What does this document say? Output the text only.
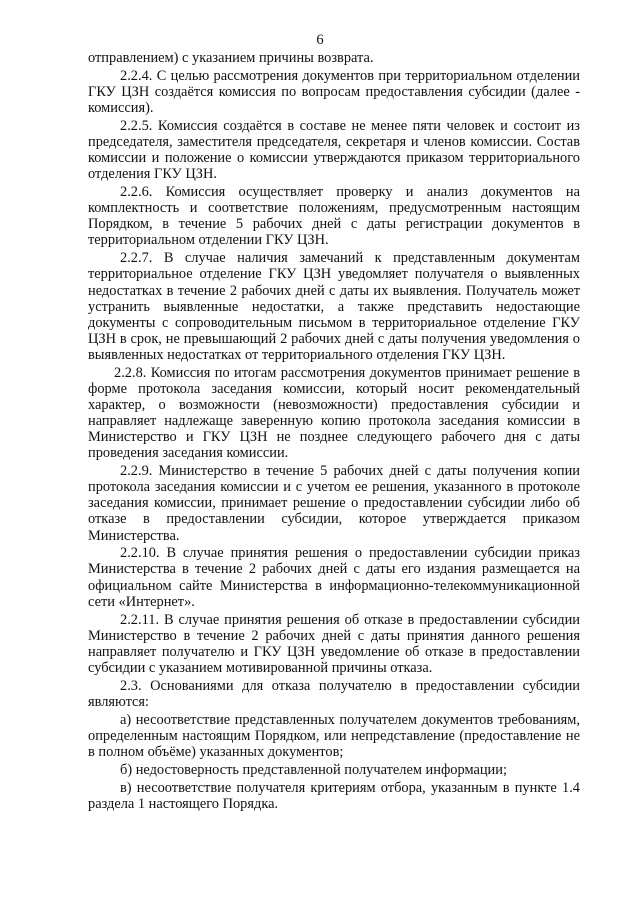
6

отправлением) с указанием причины возврата.

2.2.4. С целью рассмотрения документов при территориальном отделении ГКУ ЦЗН создаётся комиссия по вопросам предоставления субсидии (далее - комиссия).

2.2.5. Комиссия создаётся в составе не менее пяти человек и состоит из председателя, заместителя председателя, секретаря и членов комиссии. Состав комиссии и положение о комиссии утверждаются приказом территориального отделения ГКУ ЦЗН.

2.2.6. Комиссия осуществляет проверку и анализ документов на комплектность и соответствие положениям, предусмотренным настоящим Порядком, в течение 5 рабочих дней с даты регистрации документов в территориальном отделении ГКУ ЦЗН.

2.2.7. В случае наличия замечаний к представленным документам территориальное отделение ГКУ ЦЗН уведомляет получателя о выявленных недостатках в течение 2 рабочих дней с даты их выявления. Получатель может устранить выявленные недостатки, а также представить недостающие документы с сопроводительным письмом в территориальное отделение ГКУ ЦЗН в срок, не превышающий 2 рабочих дней с даты получения уведомления о выявленных недостатках от территориального отделения ГКУ ЦЗН.

2.2.8. Комиссия по итогам рассмотрения документов принимает решение в форме протокола заседания комиссии, который носит рекомендательный характер, о возможности (невозможности) предоставления субсидии и направляет надлежаще заверенную копию протокола заседания комиссии в Министерство и ГКУ ЦЗН не позднее следующего рабочего дня с даты проведения заседания комиссии.

2.2.9. Министерство в течение 5 рабочих дней с даты получения копии протокола заседания комиссии и с учетом ее решения, указанного в протоколе заседания комиссии, принимает решение о предоставлении субсидии либо об отказе в предоставлении субсидии, которое утверждается приказом Министерства.

2.2.10. В случае принятия решения о предоставлении субсидии приказ Министерства в течение 2 рабочих дней с даты его издания размещается на официальном сайте Министерства в информационно-телекоммуникационной сети «Интернет».

2.2.11. В случае принятия решения об отказе в предоставлении субсидии Министерство в течение 2 рабочих дней с даты принятия данного решения направляет получателю и ГКУ ЦЗН уведомление об отказе в предоставлении субсидии с указанием мотивированной причины отказа.

2.3. Основаниями для отказа получателю в предоставлении субсидии являются:

а) несоответствие представленных получателем документов требованиям, определенным настоящим Порядком, или непредставление (предоставление не в полном объёме) указанных документов;

б) недостоверность представленной получателем информации;

в) несоответствие получателя критериям отбора, указанным в пункте 1.4 раздела 1 настоящего Порядка.
